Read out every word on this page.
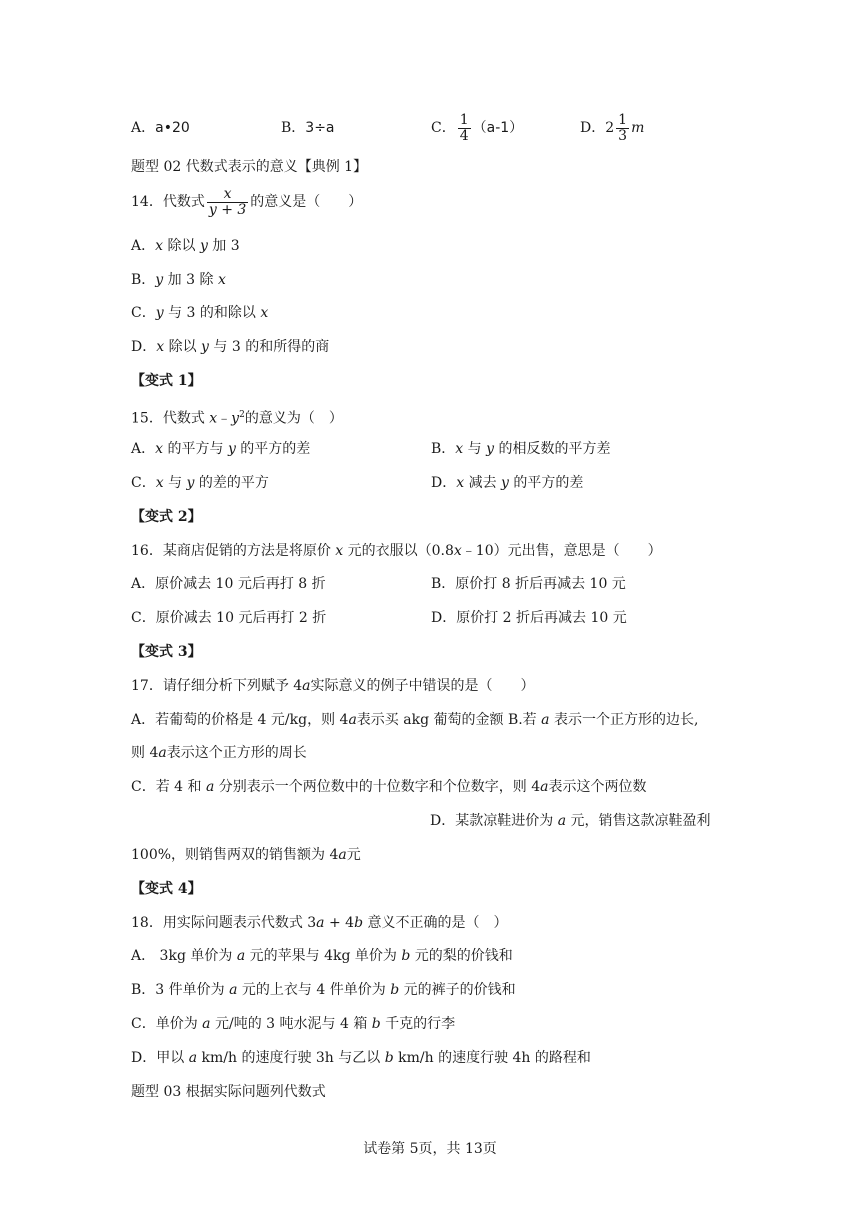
A．a•20	B．3÷a	C． $\frac{1}{4} (a-1)$	D．$2 \frac{1}{3}$ m
题型 02 代数式表示的意义【典例 1】
14．代数式 $\frac{x}{y + 3}$ 的意义是（　　）
A．x 除以 y 加 3
B．y 加 3 除 x
C．y 与 3 的和除以 x
D．x 除以 y 与 3 的和所得的商
【变式 1】
15．代数式 $x﹣y^2$的意义为（　）
A．x 的平方与 y 的平方的差	B．x 与 y 的相反数的平方差
C．x 与 y 的差的平方	D．x 减去 y 的平方的差
【变式 2】
16．某商店促销的方法是将原价 x 元的衣服以（0.8x﹣10）元出售，意思是（　　）
A．原价减去 10 元后再打 8 折	B．原价打 8 折后再减去 10 元
C．原价减去 10 元后再打 2 折	D．原价打 2 折后再减去 10 元
【变式 3】
17．请仔细分析下列赋予 4a实际意义的例子中错误的是（　　）
A．若葡萄的价格是 4 元/kg，则 4a表示买 akg 葡萄的金额 B.若 a 表示一个正方形的边长,
则 4a表示这个正方形的周长
C．若 4 和 a 分别表示一个两位数中的十位数字和个位数字，则 4a表示这个两位数
D．某款凉鞋进价为 a 元，销售这款凉鞋盈利
100%，则销售两双的销售额为 4a元
【变式 4】
18．用实际问题表示代数式 3a + 4b 意义不正确的是（　）
A． 3kg 单价为 a 元的苹果与 4kg 单价为 b 元的梨的价钱和
B．3 件单价为 a 元的上衣与 4 件单价为 b 元的裤子的价钱和
C．单价为 a 元/吨的 3 吨水泥与 4 箱 b 千克的行李
D．甲以 a km/h 的速度行驶 3h 与乙以 b km/h 的速度行驶 4h 的路程和
题型 03 根据实际问题列代数式
试卷第 5页，共 13页
